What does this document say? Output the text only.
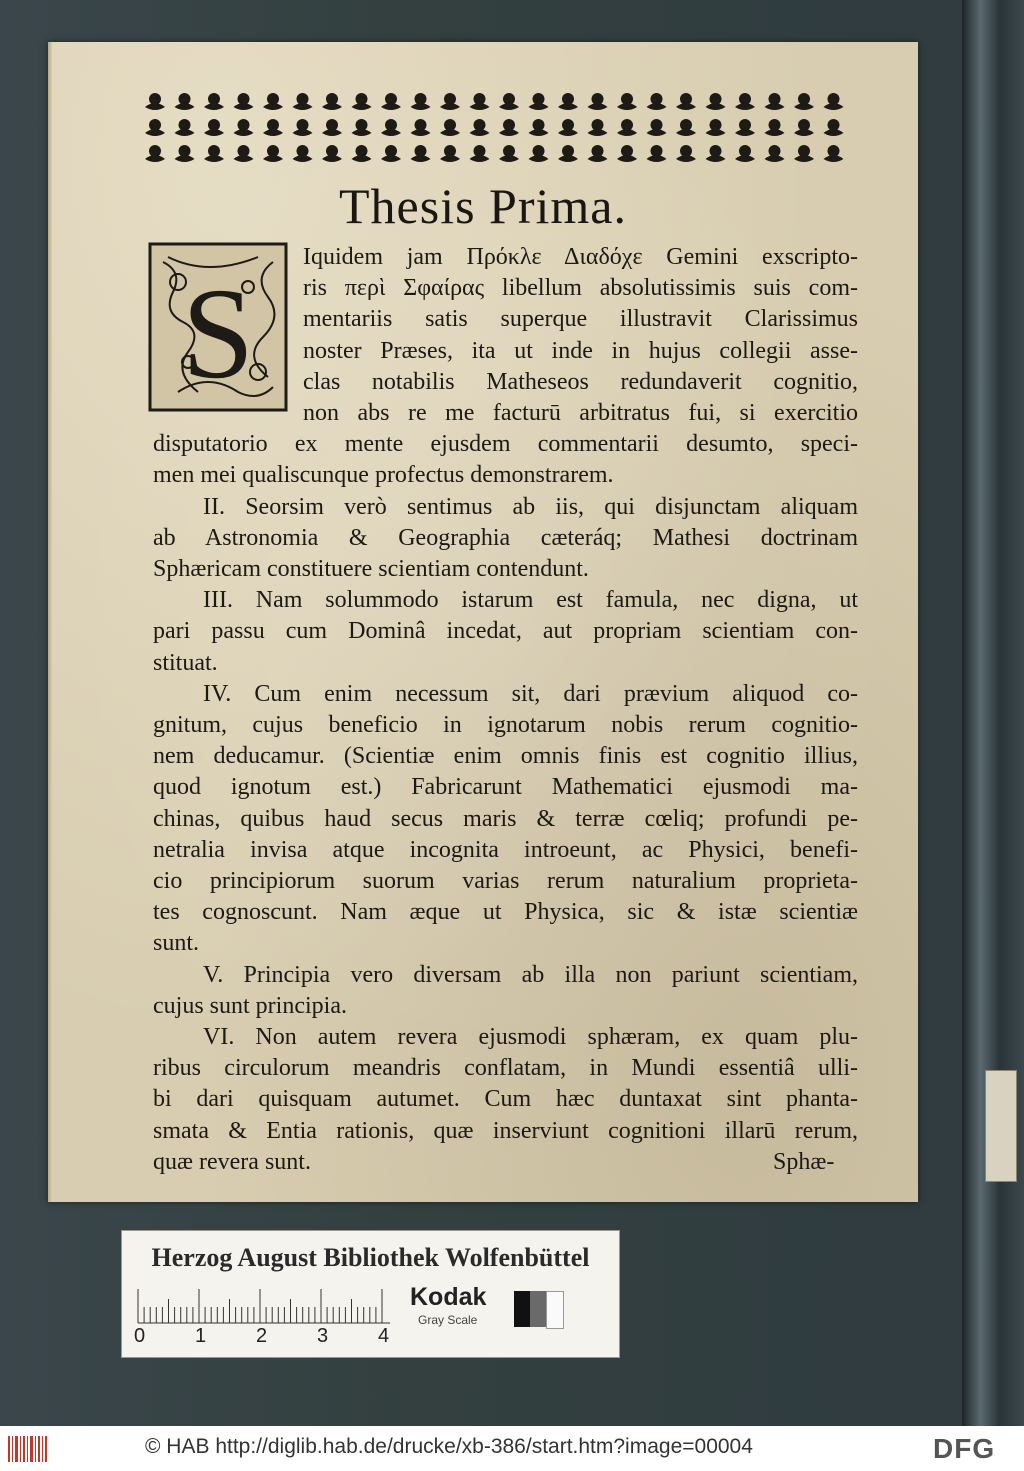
Thesis Prima.
S
Iquidem jam Πρόκλε Διαδόχε Gemini exscripto-
ris περὶ Σφαίρας libellum absolutissimis suis com-
mentariis satis superque illustravit Clarissimus
noster Præses, ita ut inde in hujus collegii asse-
clas notabilis Matheseos redundaverit cognitio,
non abs re me facturū arbitratus fui, si exercitio
disputatorio ex mente ejusdem commentarii desumto, speci-
men mei qualiscunque profectus demonstrarem.
II. Seorsim verò sentimus ab iis, qui disjunctam aliquam
ab Astronomia & Geographia cæteráq; Mathesi doctrinam
Sphæricam constituere scientiam contendunt.
III. Nam solummodo istarum est famula, nec digna, ut
pari passu cum Dominâ incedat, aut propriam scientiam con-
stituat.
IV. Cum enim necessum sit, dari prævium aliquod co-
gnitum, cujus beneficio in ignotarum nobis rerum cognitio-
nem deducamur. (Scientiæ enim omnis finis est cognitio illius,
quod ignotum est.) Fabricarunt Mathematici ejusmodi ma-
chinas, quibus haud secus maris & terræ cœliq; profundi pe-
netralia invisa atque incognita introeunt, ac Physici, benefi-
cio principiorum suorum varias rerum naturalium proprieta-
tes cognoscunt. Nam æque ut Physica, sic & istæ scientiæ
sunt.
V. Principia vero diversam ab illa non pariunt scientiam,
cujus sunt principia.
VI. Non autem revera ejusmodi sphæram, ex quam plu-
ribus circulorum meandris conflatam, in Mundi essentiâ ulli-
bi dari quisquam autumet. Cum hæc duntaxat sint phanta-
smata & Entia rationis, quæ inserviunt cognitioni illarū rerum,
quæ revera sunt.	Sphæ-
Herzog August Bibliothek Wolfenbüttel
0 1 2 3 4
Kodak
Gray Scale
© HAB http://diglib.hab.de/drucke/xb-386/start.htm?image=00004	DFG
